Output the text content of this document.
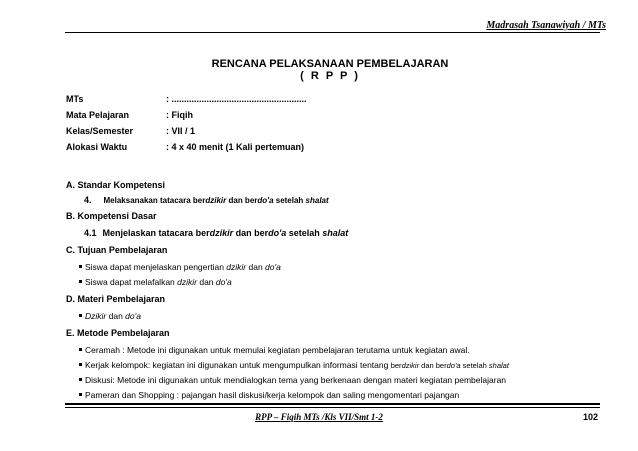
Madrasah Tsanawiyah / MTs
RENCANA PELAKSANAAN PEMBELAJARAN
( R P P )
MTs	: ......................................................
Mata Pelajaran	: Fiqih
Kelas/Semester	: VII / 1
Alokasi Waktu	: 4 x 40 menit (1 Kali pertemuan)
A. Standar Kompetensi
4. Melaksanakan tatacara berdzikir dan berdo'a setelah shalat
B. Kompetensi Dasar
4.1 Menjelaskan tatacara berdzikir dan berdo'a setelah shalat
C. Tujuan Pembelajaran
Siswa dapat menjelaskan pengertian dzikir dan do'a
Siswa dapat melafalkan dzikir dan do'a
D. Materi Pembelajaran
Dzikir dan do'a
E. Metode Pembelajaran
Ceramah : Metode ini digunakan untuk memulai kegiatan pembelajaran terutama untuk kegiatan awal.
Kerjak kelompok: kegiatan ini digunakan untuk mengumpulkan informasi tentang berdzikir dan berdo'a setelah shalat
Diskusi: Metode ini digunakan untuk mendialogkan tema yang berkenaan dengan materi kegiatan pembelajaran
Pameran dan Shopping : pajangan hasil diskusi/kerja kelompok dan saling mengomentari pajangan
RPP – Fiqih MTs /Kls VII/Smt 1-2	102
